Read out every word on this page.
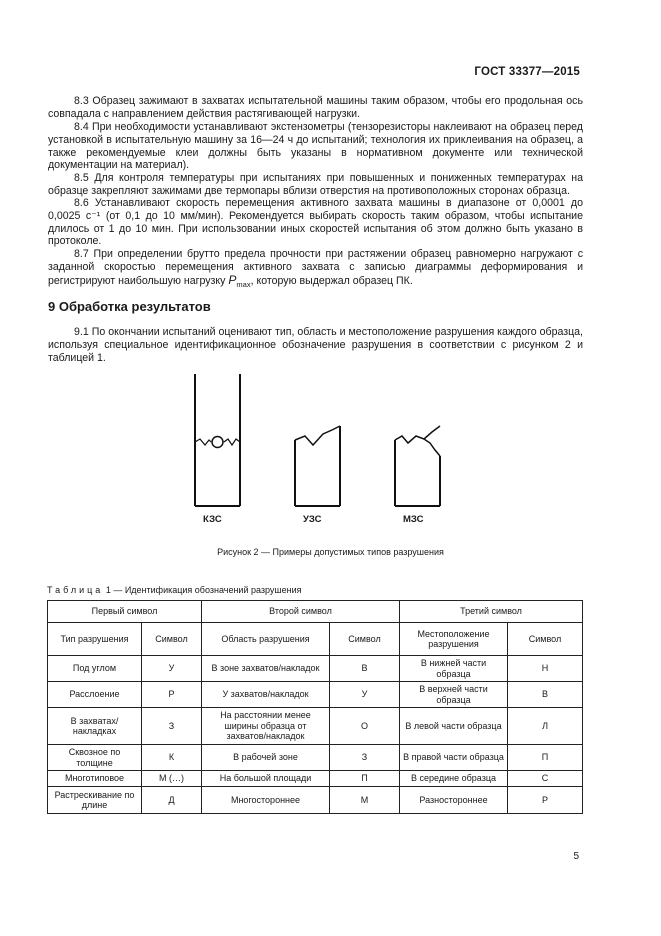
ГОСТ 33377—2015
8.3 Образец зажимают в захватах испытательной машины таким образом, чтобы его продольная ось совпадала с направлением действия растягивающей нагрузки.
8.4 При необходимости устанавливают экстензометры (тензорезисторы наклеивают на образец перед установкой в испытательную машину за 16—24 ч до испытаний; технология их приклеивания на образец, а также рекомендуемые клеи должны быть указаны в нормативном документе или технической документации на материал).
8.5 Для контроля температуры при испытаниях при повышенных и пониженных температурах на образце закрепляют зажимами две термопары вблизи отверстия на противоположных сторонах образца.
8.6 Устанавливают скорость перемещения активного захвата машины в диапазоне от 0,0001 до 0,0025 с⁻¹ (от 0,1 до 10 мм/мин). Рекомендуется выбирать скорость таким образом, чтобы испытание длилось от 1 до 10 мин. При использовании иных скоростей испытания об этом должно быть указано в протоколе.
8.7 При определении брутто предела прочности при растяжении образец равномерно нагружают с заданной скоростью перемещения активного захвата с записью диаграммы деформирования и регистрируют наибольшую нагрузку $P_{max}$, которую выдержал образец ПК.
9 Обработка результатов
9.1 По окончании испытаний оценивают тип, область и местоположение разрушения каждого образца, используя специальное идентификационное обозначение разрушения в соответствии с рисунком 2 и таблицей 1.
КЗС	УЗС	МЗС
Рисунок 2 — Примеры допустимых типов разрушения
Таблица 1 — Идентификация обозначений разрушения
Первый символ		Второй символ		Третий символ	
Тип разрушения	Символ	Область разрушения	Символ	Местоположение разрушения	Символ
Под углом	У	В зоне захватов/накладок	В	В нижней части образца	Н
Расслоение	Р	У захватов/накладок	У	В верхней части образца	В
В захватах/ накладках	З	На расстоянии менее ширины образца от захватов/накладок	О	В левой части образца	Л
Сквозное по толщине	К	В рабочей зоне	З	В правой части образца	П
Многотиповое	М (…)	На большой площади	П	В середине образца	С
Растрескивание по длине	Д	Многостороннее	М	Разностороннее	Р
5
